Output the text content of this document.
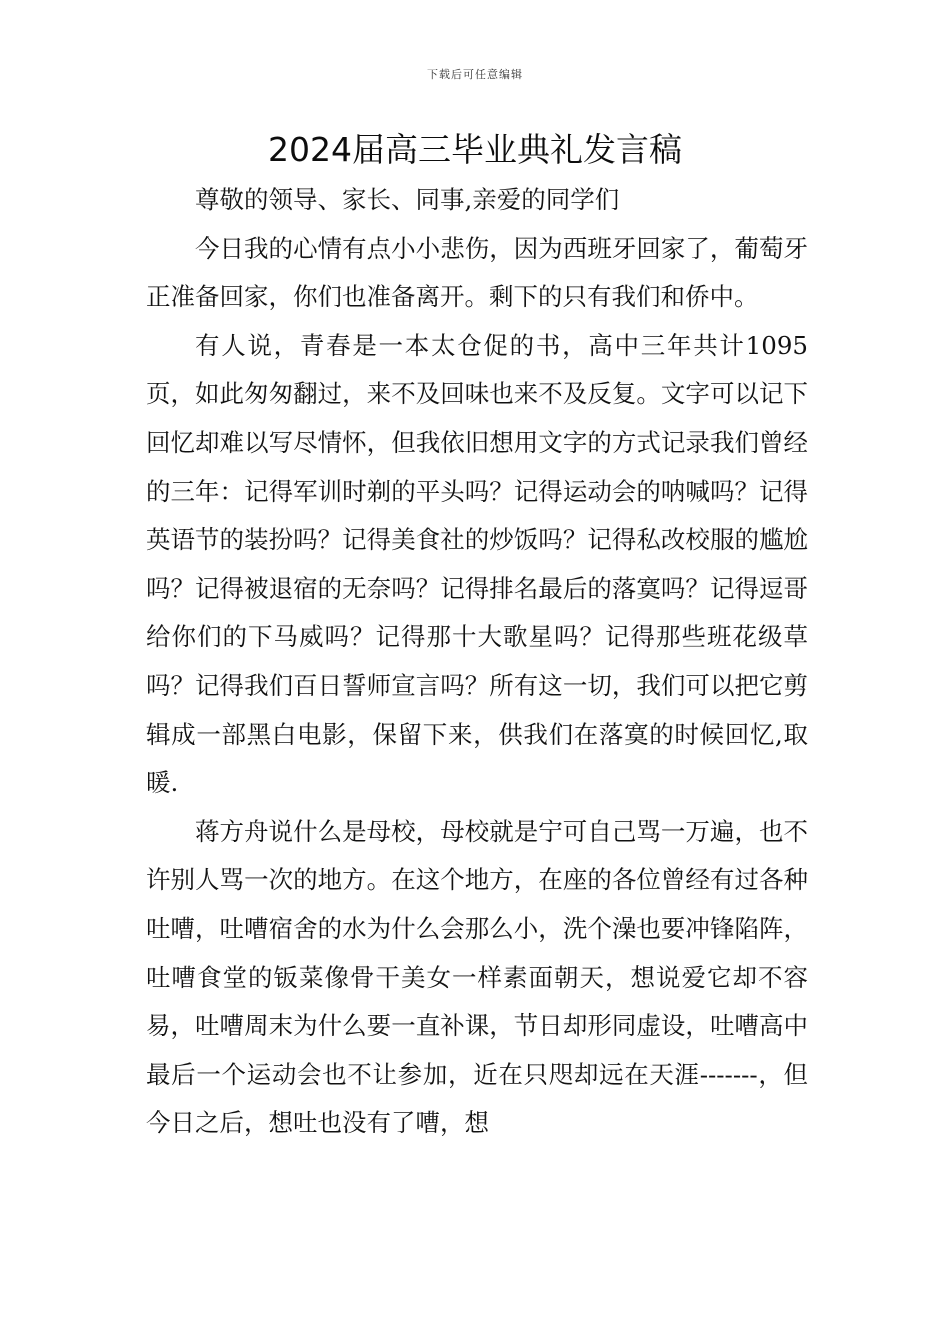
下载后可任意编辑
2024届高三毕业典礼发言稿

尊敬的领导、家长、同事,亲爱的同学们

今日我的心情有点小小悲伤，因为西班牙回家了，葡萄牙正准备回家，你们也准备离开。剩下的只有我们和侨中。

有人说，青春是一本太仓促的书，高中三年共计1095页，如此匆匆翻过，来不及回味也来不及反复。文字可以记下回忆却难以写尽情怀，但我依旧想用文字的方式记录我们曾经的三年：记得军训时剃的平头吗？记得运动会的呐喊吗？记得英语节的装扮吗？记得美食社的炒饭吗？记得私改校服的尴尬吗？记得被退宿的无奈吗？记得排名最后的落寞吗？记得逗哥给你们的下马威吗？记得那十大歌星吗？记得那些班花级草吗？记得我们百日誓师宣言吗？所有这一切，我们可以把它剪辑成一部黑白电影，保留下来，供我们在落寞的时候回忆,取暖.

蒋方舟说什么是母校，母校就是宁可自己骂一万遍，也不许别人骂一次的地方。在这个地方，在座的各位曾经有过各种吐嘈，吐嘈宿舍的水为什么会那么小，洗个澡也要冲锋陷阵，吐嘈食堂的钣菜像骨干美女一样素面朝天，想说爱它却不容易，吐嘈周末为什么要一直补课，节日却形同虚设，吐嘈高中最后一个运动会也不让参加，近在只咫却远在天涯-------，但今日之后，想吐也没有了嘈，想
